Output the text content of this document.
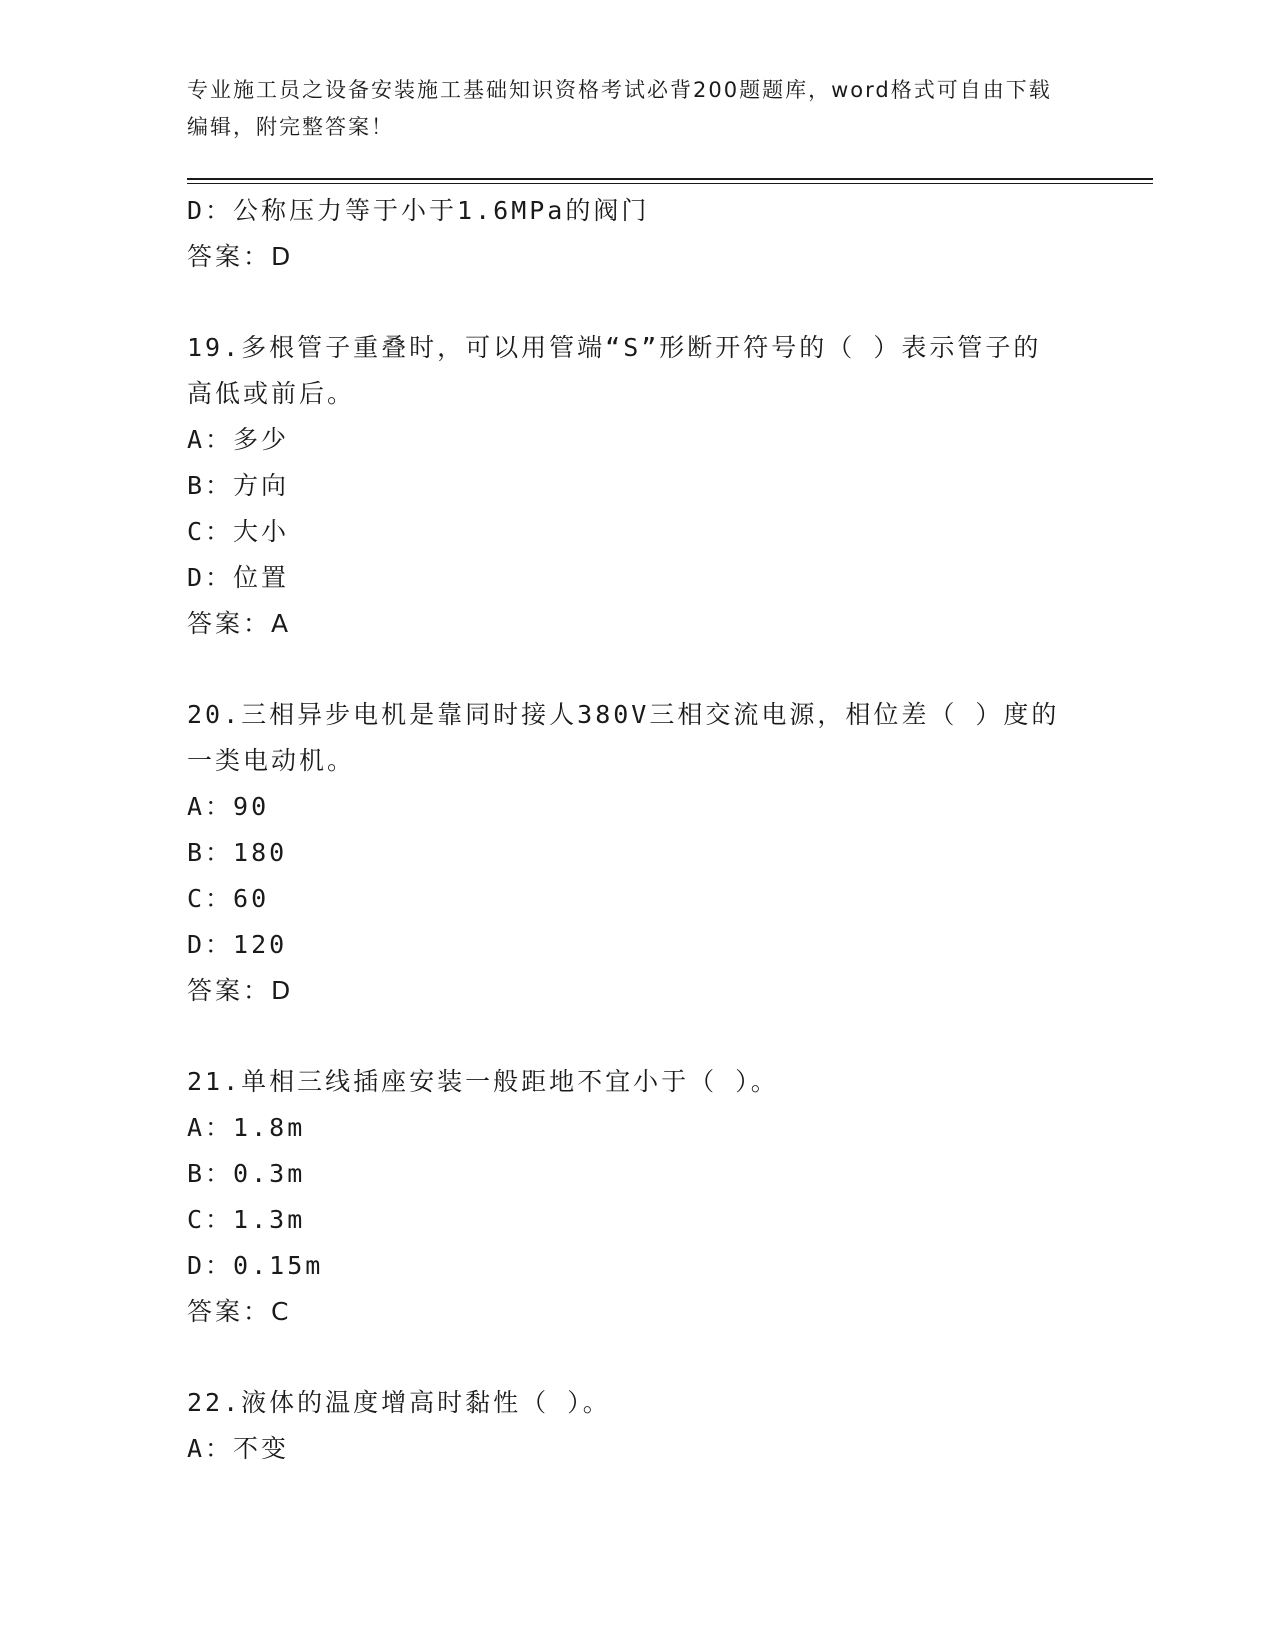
专业施工员之设备安装施工基础知识资格考试必背200题题库，word格式可自由下载编辑，附完整答案！
D：公称压力等于小于1.6MPa的阀门
答案：D
19.多根管子重叠时，可以用管端“S”形断开符号的（ ）表示管子的高低或前后。
A：多少
B：方向
C：大小
D：位置
答案：A
20.三相异步电机是靠同时接人380V三相交流电源，相位差（ ）度的一类电动机。
A：90
B：180
C：60
D：120
答案：D
21.单相三线插座安装一般距地不宜小于（ ）。
A：1.8m
B：0.3m
C：1.3m
D：0.15m
答案：C
22.液体的温度增高时黏性（ ）。
A：不变
